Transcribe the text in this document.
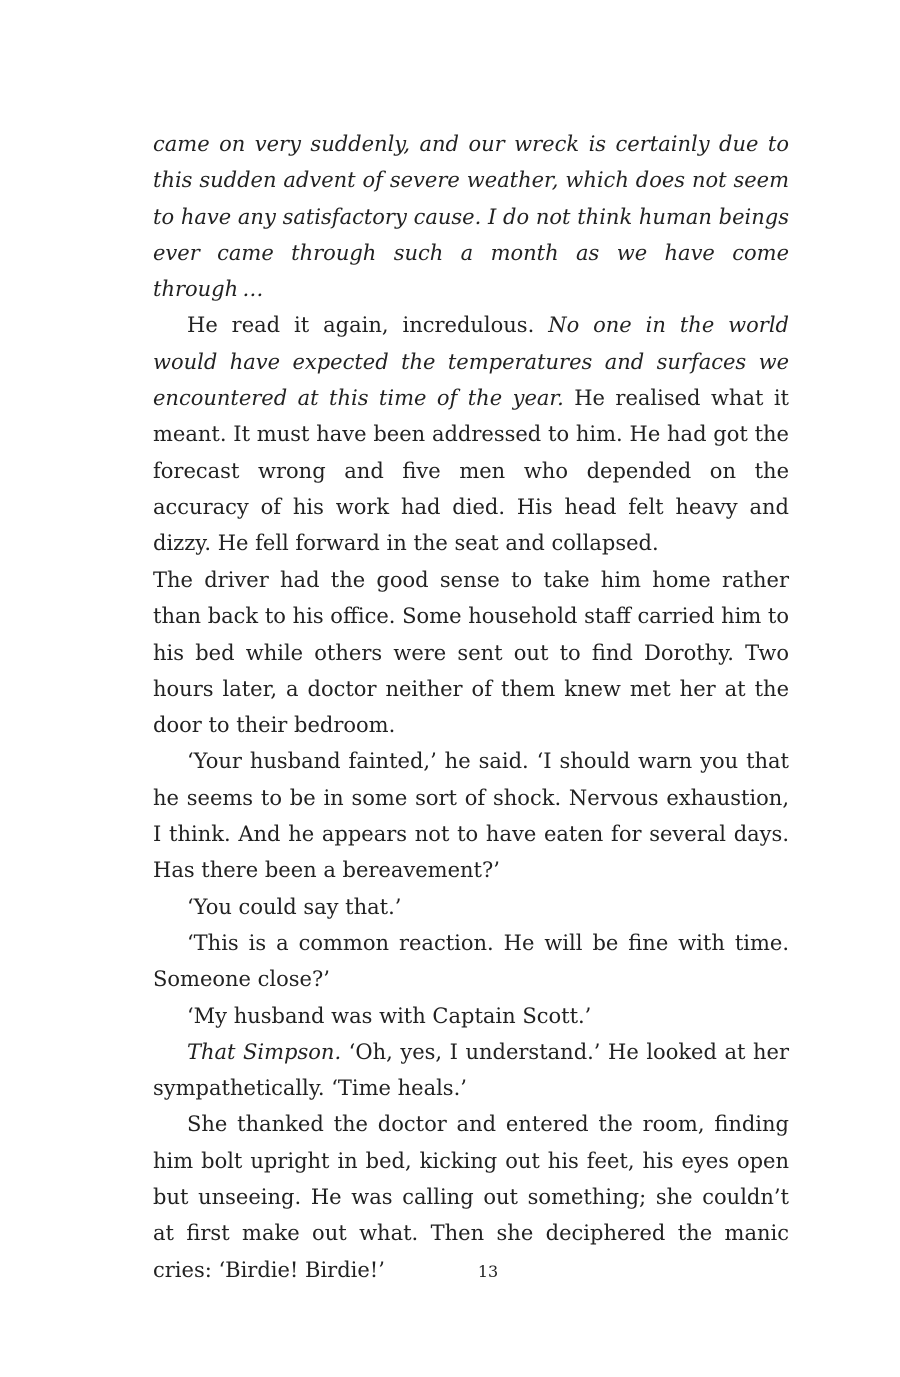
came on very suddenly, and our wreck is certainly due to this sudden advent of severe weather, which does not seem to have any satisfactory cause. I do not think human beings ever came through such a month as we have come through …

He read it again, incredulous. No one in the world would have expected the temperatures and surfaces we encountered at this time of the year. He realised what it meant. It must have been addressed to him. He had got the forecast wrong and five men who depended on the accuracy of his work had died. His head felt heavy and dizzy. He fell forward in the seat and collapsed.

The driver had the good sense to take him home rather than back to his office. Some household staff carried him to his bed while others were sent out to find Dorothy. Two hours later, a doctor neither of them knew met her at the door to their bedroom.

‘Your husband fainted,’ he said. ‘I should warn you that he seems to be in some sort of shock. Nervous exhaustion, I think. And he appears not to have eaten for several days. Has there been a bereavement?’

‘You could say that.’

‘This is a common reaction. He will be fine with time. Someone close?’

‘My husband was with Captain Scott.’

That Simpson. ‘Oh, yes, I understand.’ He looked at her sympathetically. ‘Time heals.’

She thanked the doctor and entered the room, finding him bolt upright in bed, kicking out his feet, his eyes open but unseeing. He was calling out something; she couldn’t at first make out what. Then she deciphered the manic cries: ‘Birdie! Birdie!’	13
